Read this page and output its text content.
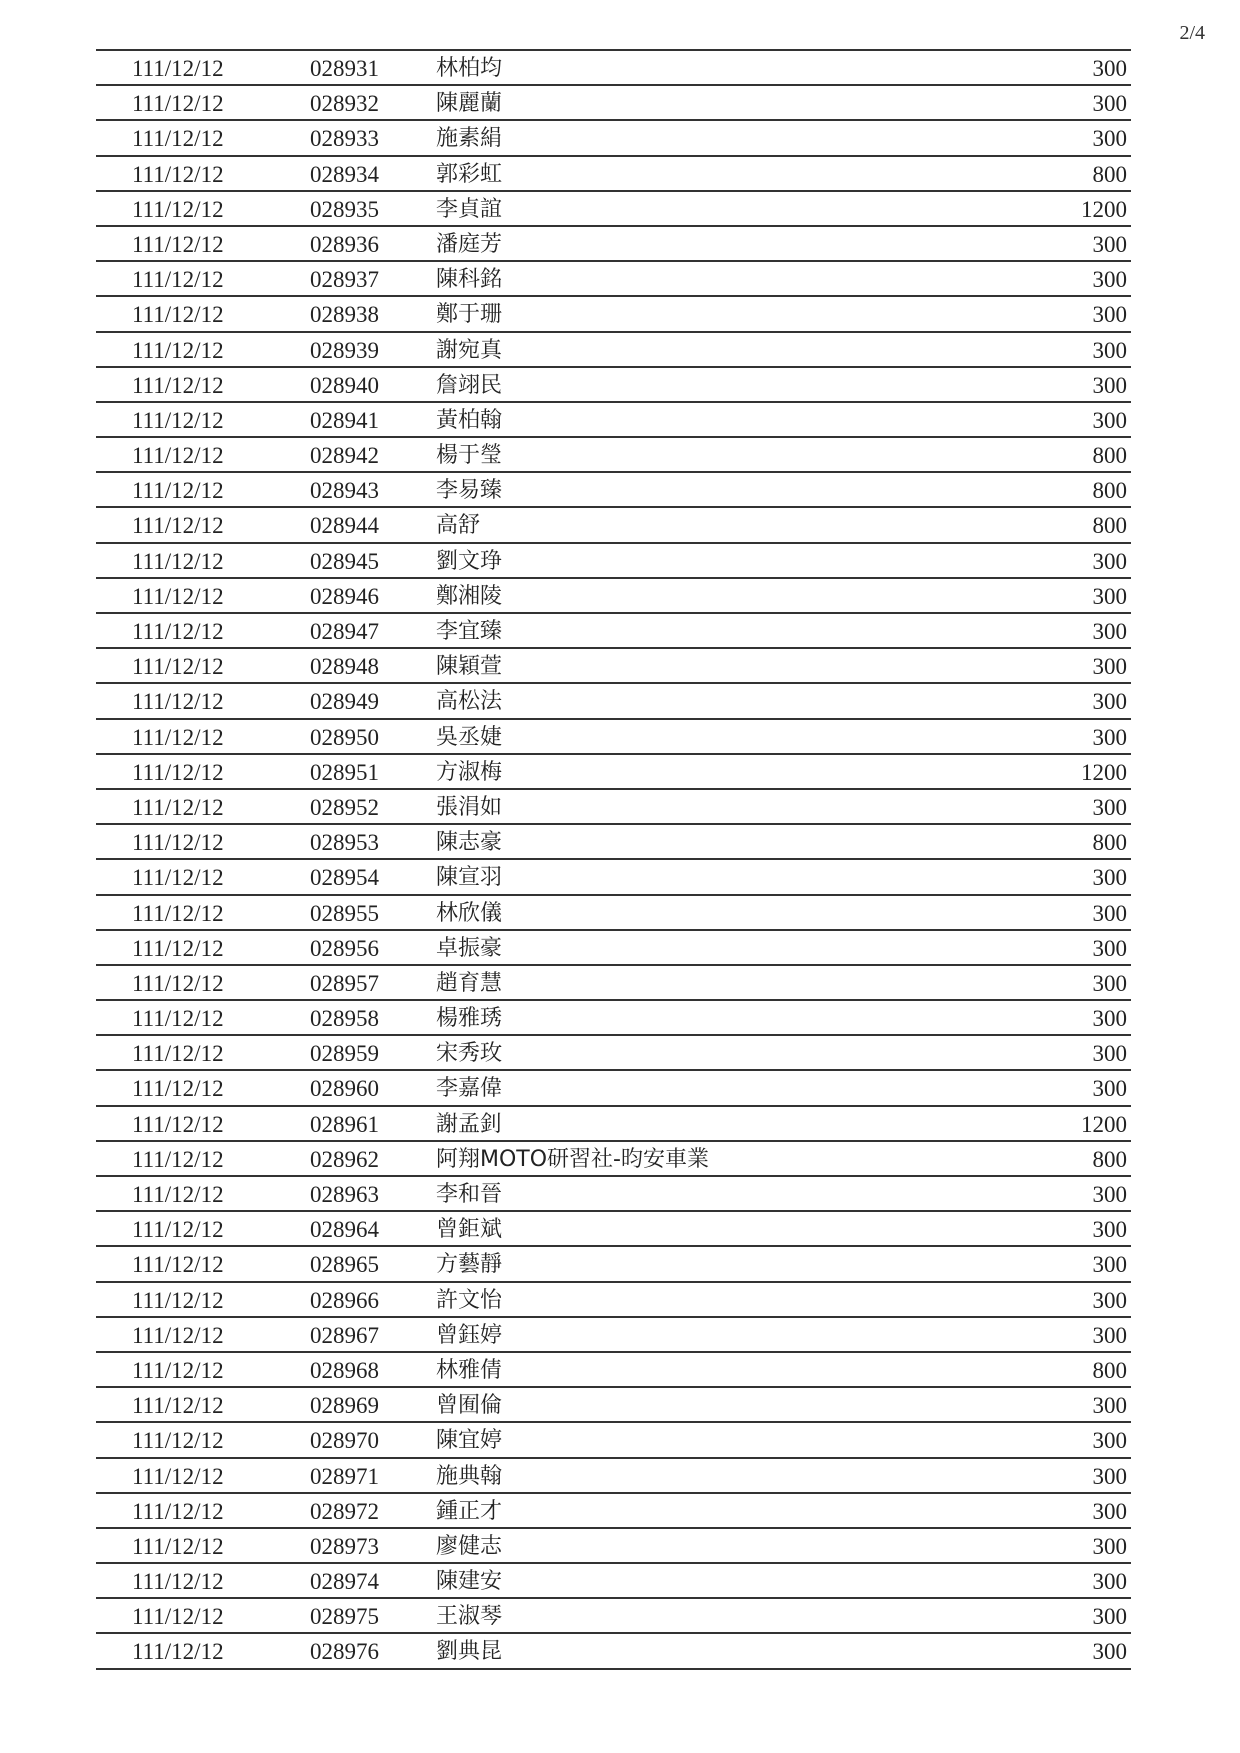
2/4
111/12/12	028931	林柏均	300
111/12/12	028932	陳麗蘭	300
111/12/12	028933	施素絹	300
111/12/12	028934	郭彩虹	800
111/12/12	028935	李貞誼	1200
111/12/12	028936	潘庭芳	300
111/12/12	028937	陳科銘	300
111/12/12	028938	鄭于珊	300
111/12/12	028939	謝宛真	300
111/12/12	028940	詹翊民	300
111/12/12	028941	黃柏翰	300
111/12/12	028942	楊于瑩	800
111/12/12	028943	李易臻	800
111/12/12	028944	高舒	800
111/12/12	028945	劉文琤	300
111/12/12	028946	鄭湘陵	300
111/12/12	028947	李宜臻	300
111/12/12	028948	陳穎萱	300
111/12/12	028949	高松法	300
111/12/12	028950	吳丞婕	300
111/12/12	028951	方淑梅	1200
111/12/12	028952	張涓如	300
111/12/12	028953	陳志豪	800
111/12/12	028954	陳宣羽	300
111/12/12	028955	林欣儀	300
111/12/12	028956	卓振豪	300
111/12/12	028957	趙育慧	300
111/12/12	028958	楊雅琇	300
111/12/12	028959	宋秀玫	300
111/12/12	028960	李嘉偉	300
111/12/12	028961	謝孟釗	1200
111/12/12	028962	阿翔MOTO研習社-昀安車業	800
111/12/12	028963	李和晉	300
111/12/12	028964	曾鉅斌	300
111/12/12	028965	方藝靜	300
111/12/12	028966	許文怡	300
111/12/12	028967	曾鈺婷	300
111/12/12	028968	林雅倩	800
111/12/12	028969	曾囿倫	300
111/12/12	028970	陳宜婷	300
111/12/12	028971	施典翰	300
111/12/12	028972	鍾正才	300
111/12/12	028973	廖健志	300
111/12/12	028974	陳建安	300
111/12/12	028975	王淑琴	300
111/12/12	028976	劉典昆	300
